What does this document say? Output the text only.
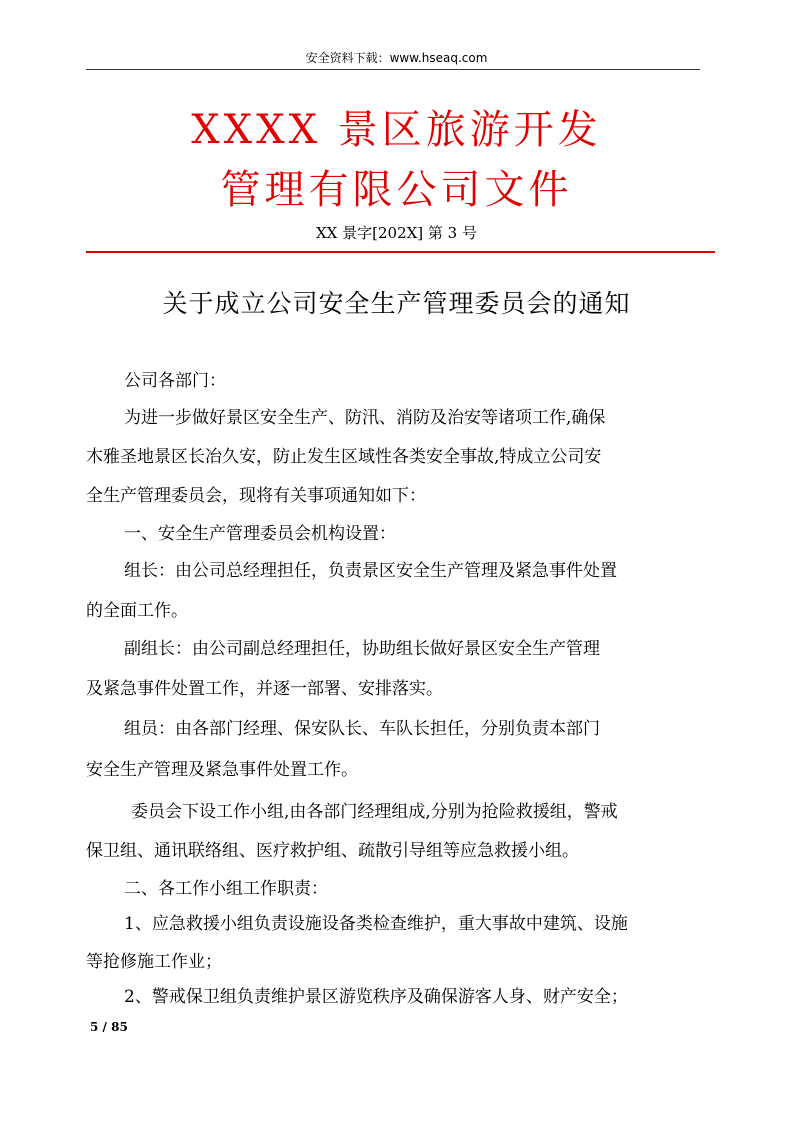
安全资料下载：www.hseaq.com
XXXX 景区旅游开发
管理有限公司文件
XX 景字[202X] 第 3 号
关于成立公司安全生产管理委员会的通知
公司各部门：
为进一步做好景区安全生产、防汛、消防及治安等诸项工作,确保
木雅圣地景区长冶久安，防止发生区域性各类安全事故,特成立公司安
全生产管理委员会，现将有关事项通知如下：
一、安全生产管理委员会机构设置：
组长：由公司总经理担任，负责景区安全生产管理及紧急事件处置
的全面工作。
副组长：由公司副总经理担任，协助组长做好景区安全生产管理
及紧急事件处置工作，并逐一部署、安排落实。
组员：由各部门经理、保安队长、车队长担任，分别负责本部门
安全生产管理及紧急事件处置工作。
委员会下设工作小组,由各部门经理组成,分别为抢险救援组，警戒
保卫组、通讯联络组、医疗救护组、疏散引导组等应急救援小组。
二、各工作小组工作职责：
1、应急救援小组负责设施设备类检查维护，重大事故中建筑、设施
等抢修施工作业；
2、警戒保卫组负责维护景区游览秩序及确保游客人身、财产安全；
5 / 85
